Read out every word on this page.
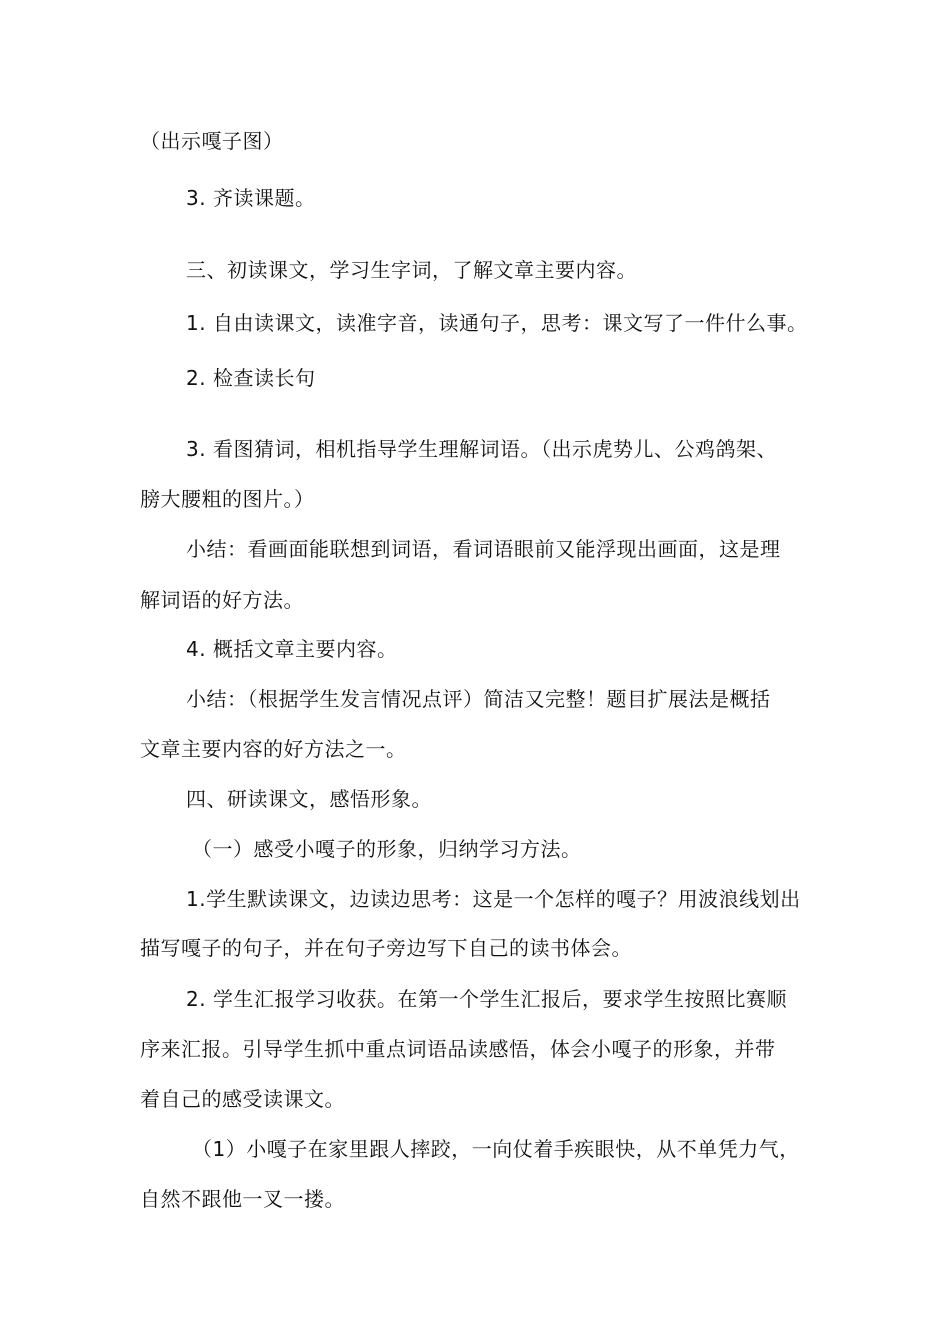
（出示嘎子图）
3. 齐读课题。
三、初读课文，学习生字词，了解文章主要内容。
1. 自由读课文，读准字音，读通句子，思考：课文写了一件什么事。
2. 检查读长句
3. 看图猜词，相机指导学生理解词语。（出示虎势儿、公鸡鸽架、
膀大腰粗的图片。）
小结：看画面能联想到词语，看词语眼前又能浮现出画面，这是理
解词语的好方法。
4. 概括文章主要内容。
小结：（根据学生发言情况点评）简洁又完整！题目扩展法是概括
文章主要内容的好方法之一。
四、研读课文，感悟形象。
（一）感受小嘎子的形象，归纳学习方法。
1.学生默读课文，边读边思考：这是一个怎样的嘎子？用波浪线划出
描写嘎子的句子，并在句子旁边写下自己的读书体会。
2. 学生汇报学习收获。在第一个学生汇报后，要求学生按照比赛顺
序来汇报。引导学生抓中重点词语品读感悟，体会小嘎子的形象，并带
着自己的感受读课文。
（1）小嘎子在家里跟人摔跤，一向仗着手疾眼快，从不单凭力气，
自然不跟他一叉一搂。
